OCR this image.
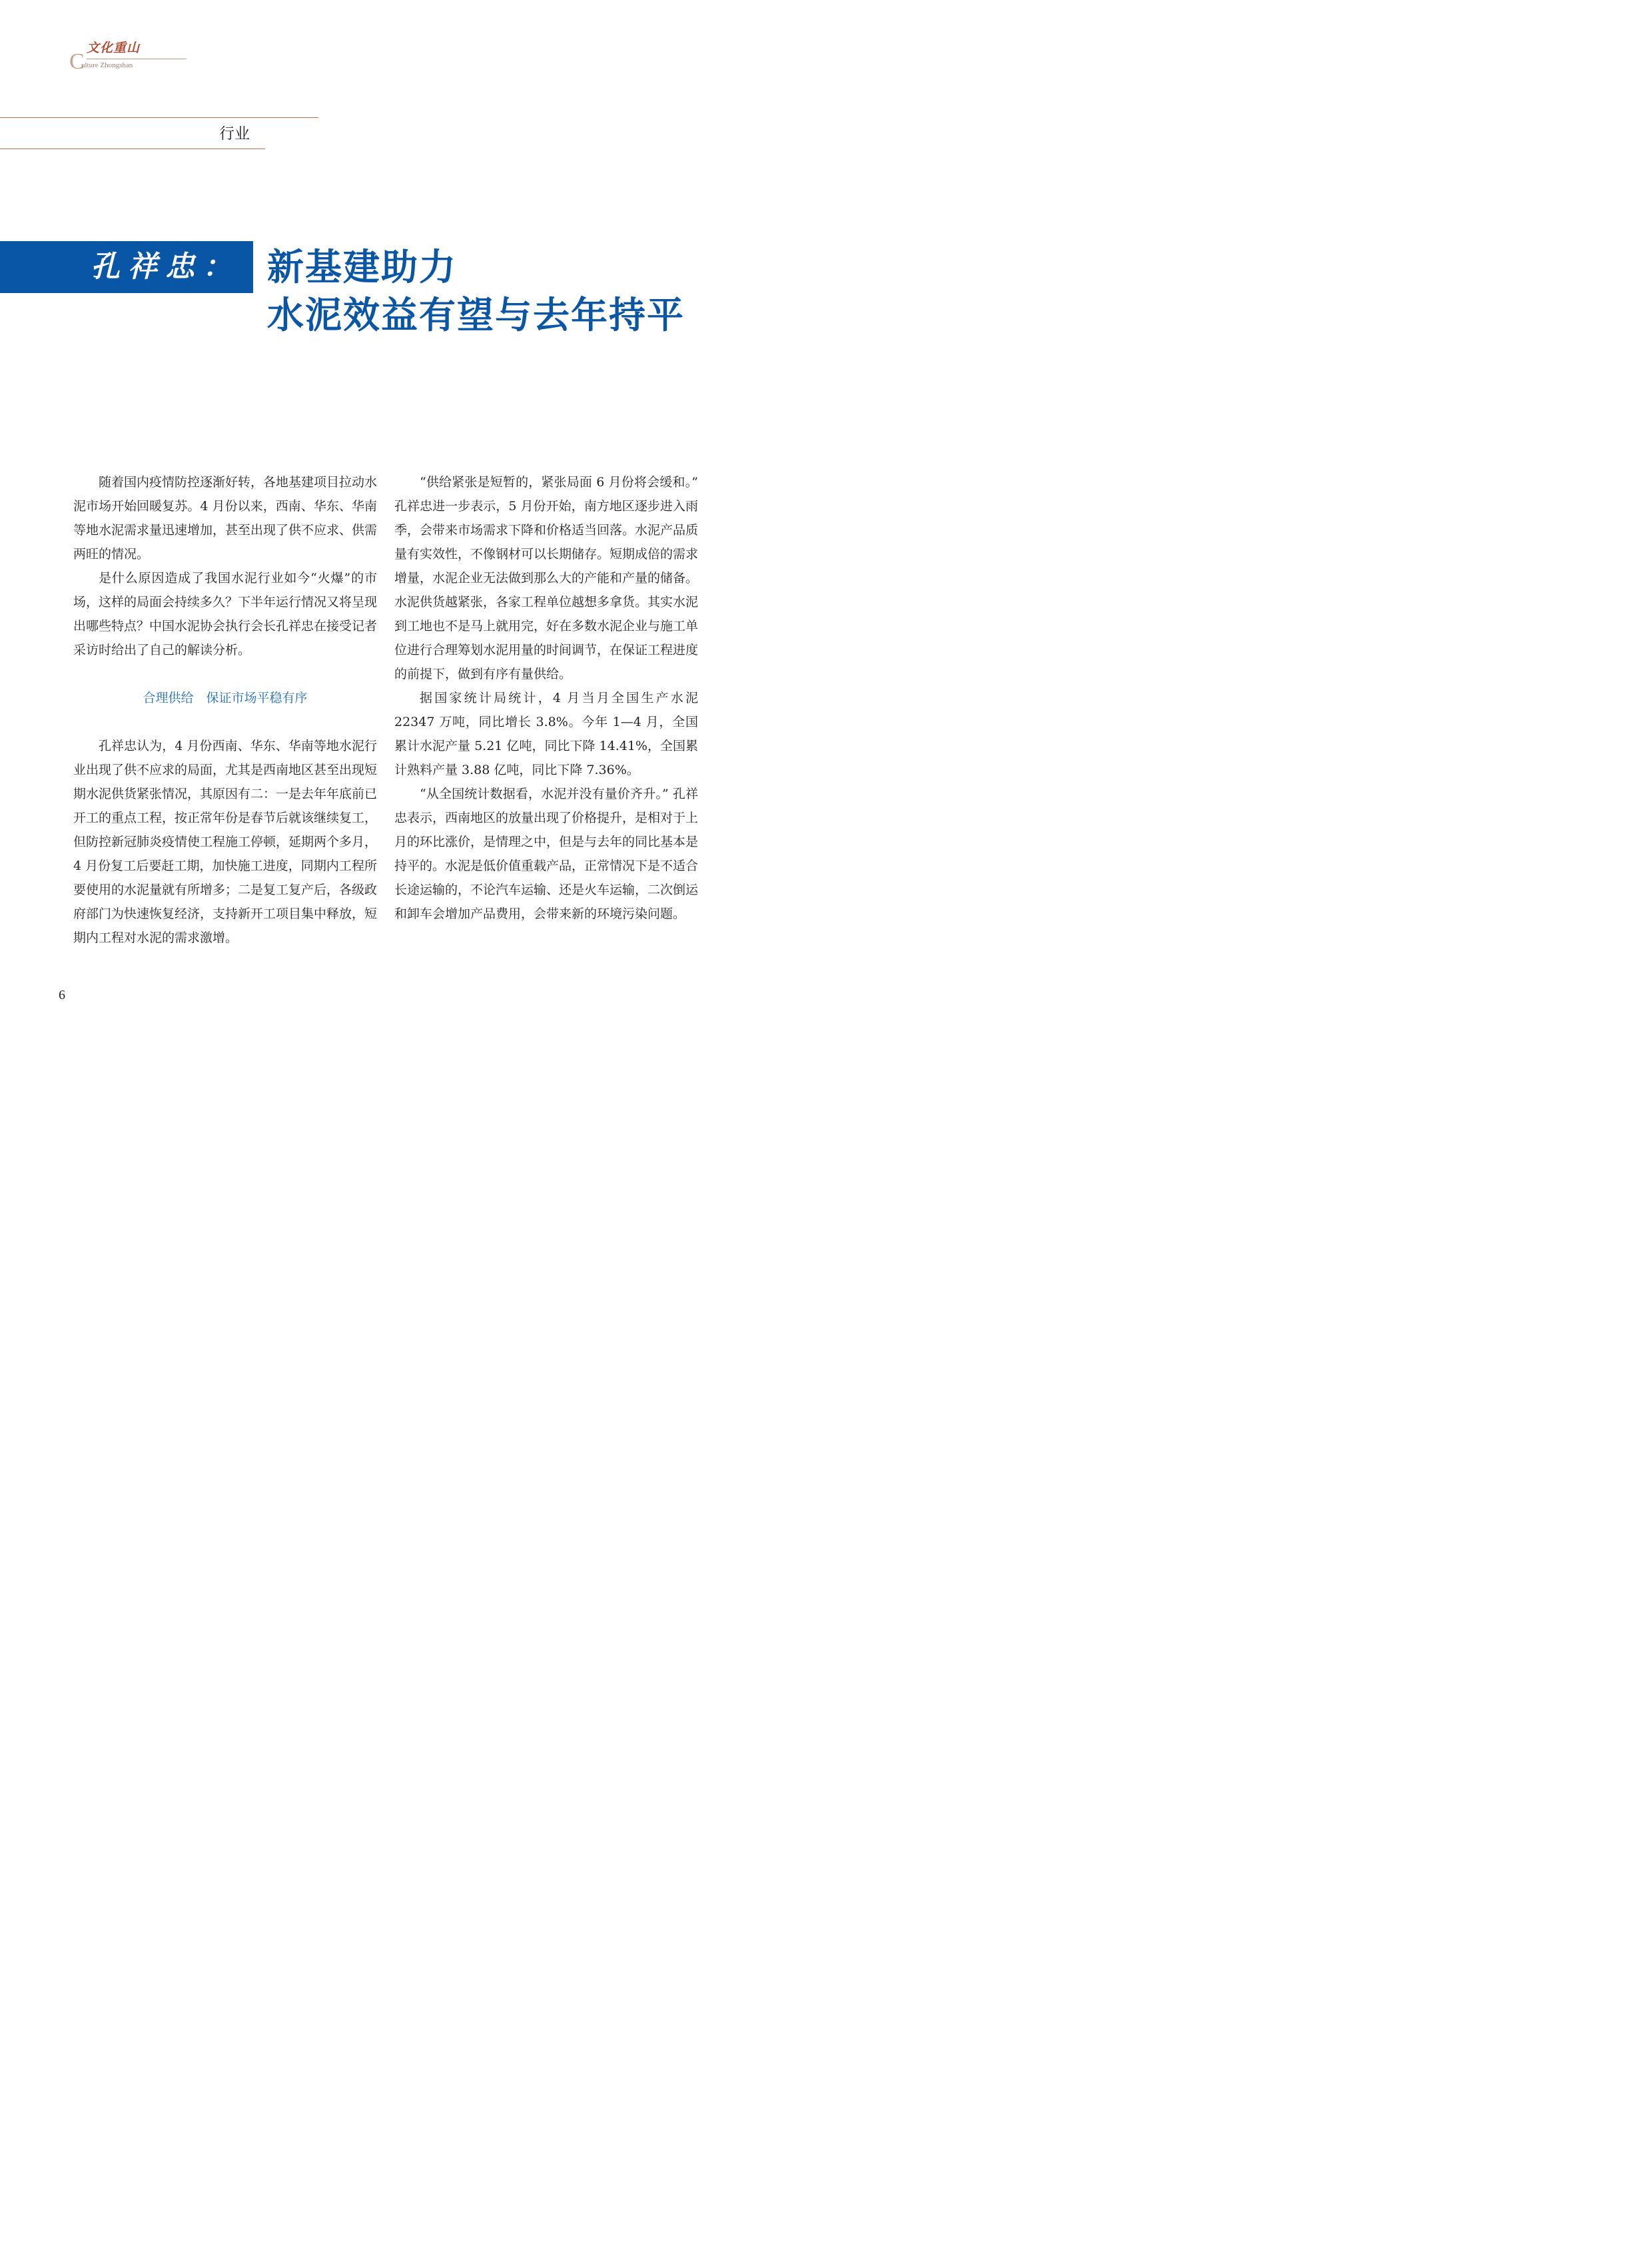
C
文化重山
ulture Zhongshan
行业
孔祥忠： 新基建助力
水泥效益有望与去年持平

随着国内疫情防控逐渐好转，各地基建项目拉动水泥市场开始回暖复苏。4 月份以来，西南、华东、华南等地水泥需求量迅速增加，甚至出现了供不应求、供需两旺的情况。

是什么原因造成了我国水泥行业如今“火爆”的市场，这样的局面会持续多久？下半年运行情况又将呈现出哪些特点？中国水泥协会执行会长孔祥忠在接受记者采访时给出了自己的解读分析。

合理供给　保证市场平稳有序

孔祥忠认为，4 月份西南、华东、华南等地水泥行业出现了供不应求的局面，尤其是西南地区甚至出现短期水泥供货紧张情况，其原因有二：一是去年年底前已开工的重点工程，按正常年份是春节后就该继续复工，但防控新冠肺炎疫情使工程施工停顿，延期两个多月，4 月份复工后要赶工期，加快施工进度，同期内工程所要使用的水泥量就有所增多；二是复工复产后，各级政府部门为快速恢复经济，支持新开工项目集中释放，短期内工程对水泥的需求激增。

“供给紧张是短暂的，紧张局面 6 月份将会缓和。” 孔祥忠进一步表示，5 月份开始，南方地区逐步进入雨季，会带来市场需求下降和价格适当回落。水泥产品质量有实效性，不像钢材可以长期储存。短期成倍的需求增量，水泥企业无法做到那么大的产能和产量的储备。水泥供货越紧张，各家工程单位越想多拿货。其实水泥到工地也不是马上就用完，好在多数水泥企业与施工单位进行合理筹划水泥用量的时间调节，在保证工程进度的前提下，做到有序有量供给。

据国家统计局统计，4 月当月全国生产水泥 22347 万吨，同比增长 3.8%。今年 1—4 月，全国累计水泥产量 5.21 亿吨，同比下降 14.41%，全国累计熟料产量 3.88 亿吨，同比下降 7.36%。

“从全国统计数据看，水泥并没有量价齐升。” 孔祥忠表示，西南地区的放量出现了价格提升，是相对于上月的环比涨价，是情理之中，但是与去年的同比基本是持平的。水泥是低价值重载产品，正常情况下是不适合长途运输的，不论汽车运输、还是火车运输，二次倒运和卸车会增加产品费用，会带来新的环境污染问题。

6
